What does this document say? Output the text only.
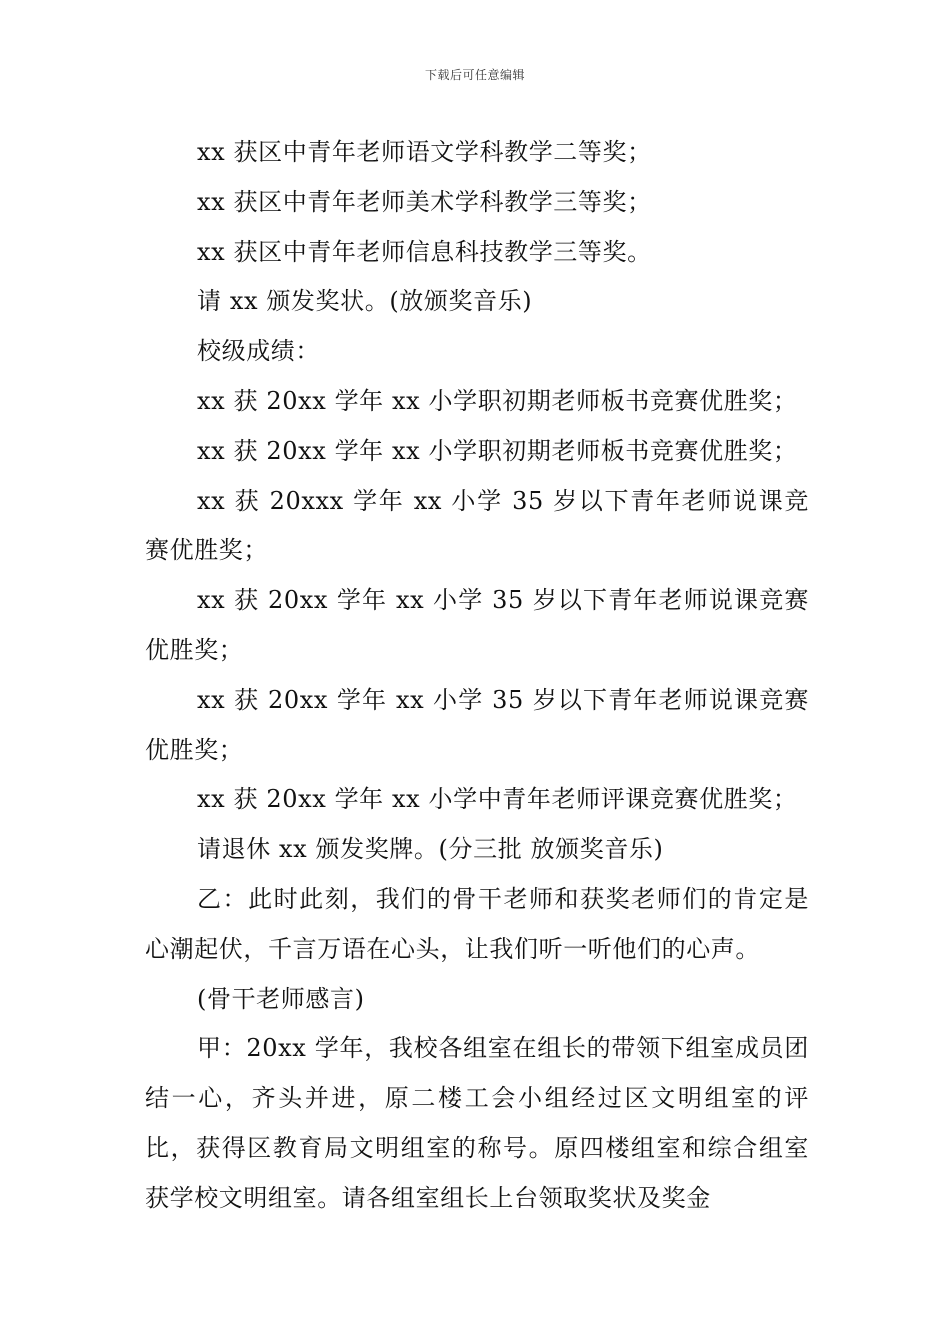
下载后可任意编辑

xx 获区中青年老师语文学科教学二等奖；

xx 获区中青年老师美术学科教学三等奖；

xx 获区中青年老师信息科技教学三等奖。

请 xx 颁发奖状。(放颁奖音乐)

校级成绩：

xx 获 20xx 学年 xx 小学职初期老师板书竞赛优胜奖；

xx 获 20xx 学年 xx 小学职初期老师板书竞赛优胜奖；

xx 获 20xxx 学年 xx 小学 35 岁以下青年老师说课竞赛优胜奖；

xx 获 20xx 学年 xx 小学 35 岁以下青年老师说课竞赛优胜奖；

xx 获 20xx 学年 xx 小学 35 岁以下青年老师说课竞赛优胜奖；

xx 获 20xx 学年 xx 小学中青年老师评课竞赛优胜奖；

请退休 xx 颁发奖牌。(分三批 放颁奖音乐)

乙：此时此刻，我们的骨干老师和获奖老师们的肯定是心潮起伏，千言万语在心头，让我们听一听他们的心声。

(骨干老师感言)

甲：20xx 学年，我校各组室在组长的带领下组室成员团结一心，齐头并进，原二楼工会小组经过区文明组室的评比，获得区教育局文明组室的称号。原四楼组室和综合组室获学校文明组室。请各组室组长上台领取奖状及奖金
